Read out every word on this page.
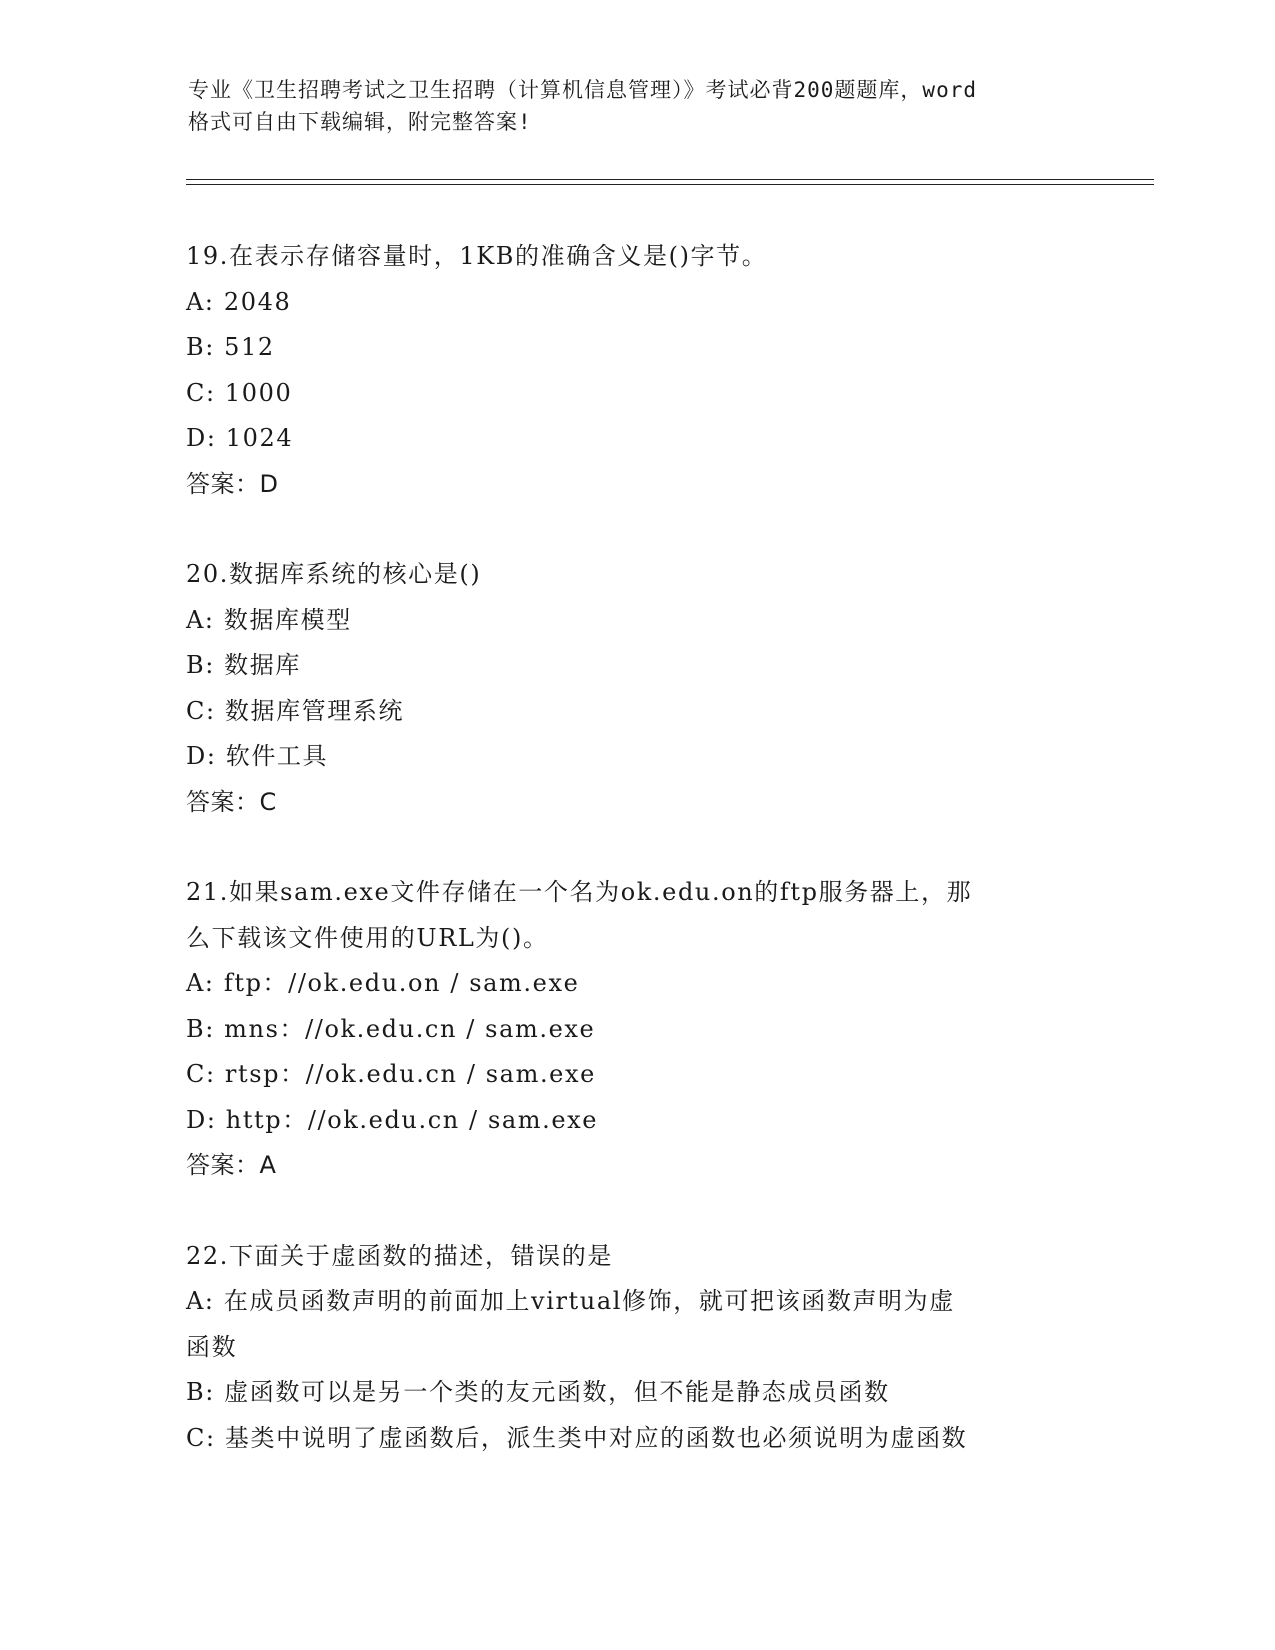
专业《卫生招聘考试之卫生招聘（计算机信息管理）》考试必背200题题库，word
格式可自由下载编辑，附完整答案!
19.在表示存储容量时，1KB的准确含义是()字节。
A: 2048
B: 512
C: 1000
D: 1024
答案：D
20.数据库系统的核心是()
A: 数据库模型
B: 数据库
C: 数据库管理系统
D: 软件工具
答案：C
21.如果sam.exe文件存储在一个名为ok.edu.on的ftp服务器上，那
么下载该文件使用的URL为()。
A: ftp：//ok.edu.on / sam.exe
B: mns：//ok.edu.cn / sam.exe
C: rtsp：//ok.edu.cn / sam.exe
D: http：//ok.edu.cn / sam.exe
答案：A
22.下面关于虚函数的描述，错误的是
A: 在成员函数声明的前面加上virtual修饰，就可把该函数声明为虚
函数
B: 虚函数可以是另一个类的友元函数，但不能是静态成员函数
C: 基类中说明了虚函数后，派生类中对应的函数也必须说明为虚函数
